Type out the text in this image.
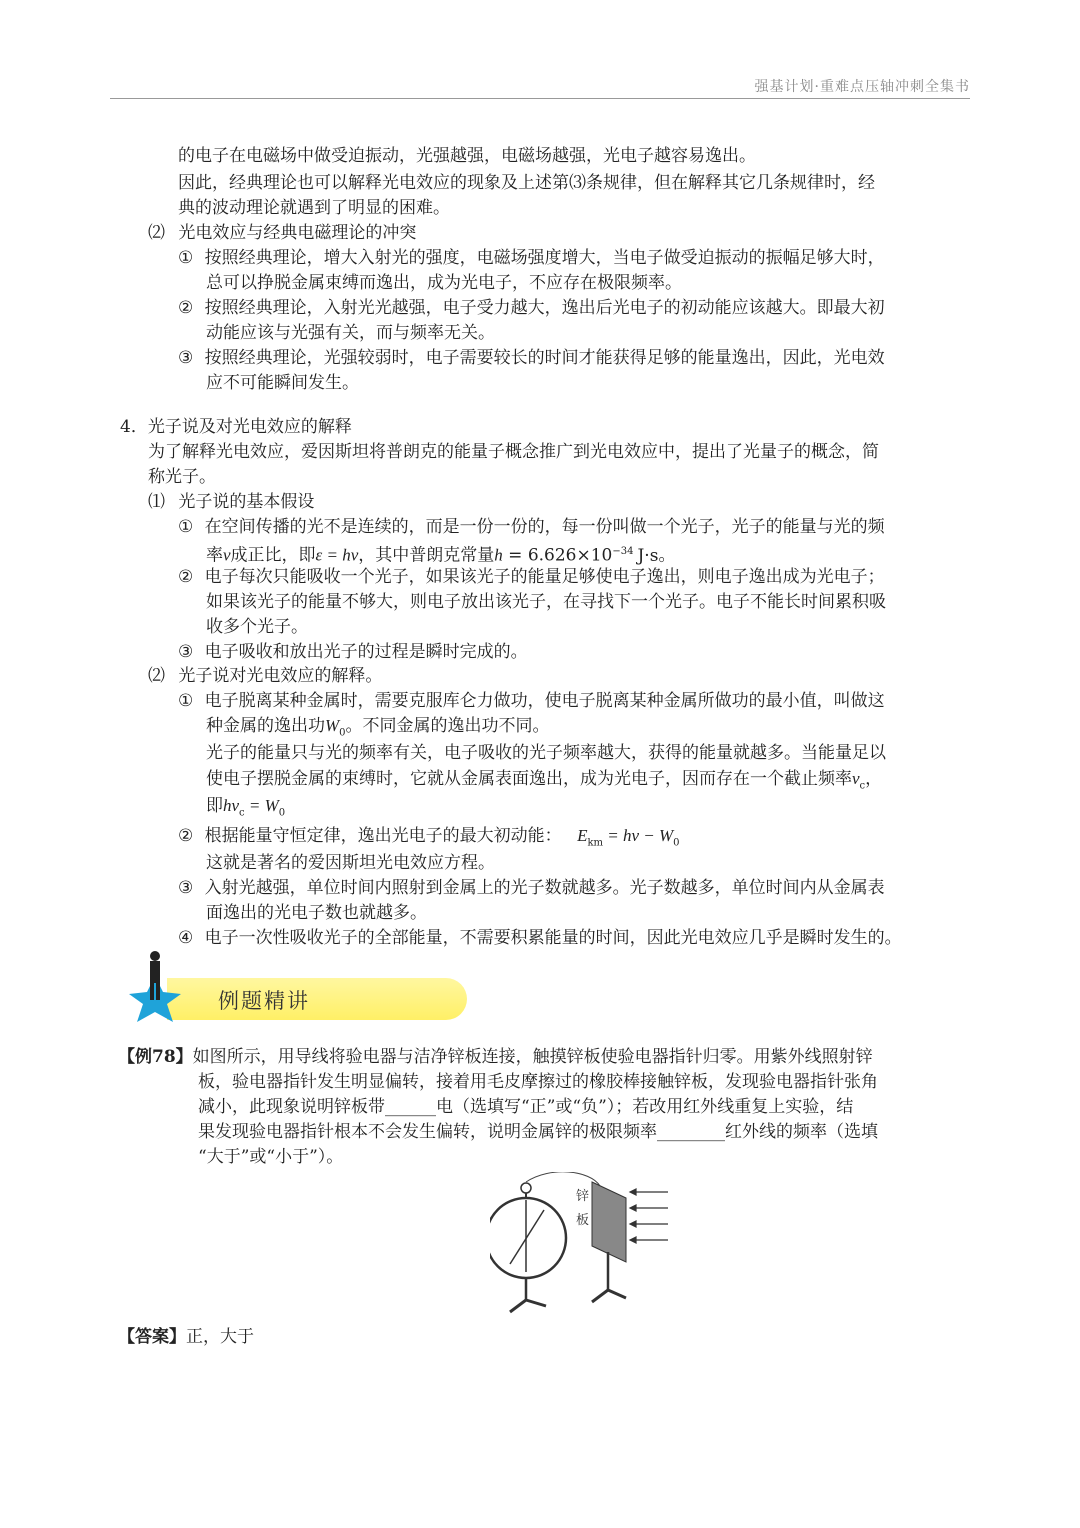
强基计划·重难点压轴冲刺全集书
的电子在电磁场中做受迫振动，光强越强，电磁场越强，光电子越容易逸出。
因此，经典理论也可以解释光电效应的现象及上述第⑶条规律，但在解释其它几条规律时，经
典的波动理论就遇到了明显的困难。
⑵ 光电效应与经典电磁理论的冲突
① 按照经典理论，增大入射光的强度，电磁场强度增大，当电子做受迫振动的振幅足够大时，
总可以挣脱金属束缚而逸出，成为光电子，不应存在极限频率。
② 按照经典理论，入射光光越强，电子受力越大，逸出后光电子的初动能应该越大。即最大初
动能应该与光强有关，而与频率无关。
③ 按照经典理论，光强较弱时，电子需要较长的时间才能获得足够的能量逸出，因此，光电效
应不可能瞬间发生。
4．光子说及对光电效应的解释
为了解释光电效应，爱因斯坦将普朗克的能量子概念推广到光电效应中，提出了光量子的概念，简
称光子。
⑴ 光子说的基本假设
① 在空间传播的光不是连续的，而是一份一份的，每一份叫做一个光子，光子的能量与光的频
率ν成正比，即ε = hν，其中普朗克常量$h = 6.626\times 10^{-34}$ J·s。
② 电子每次只能吸收一个光子，如果该光子的能量足够使电子逸出，则电子逸出成为光电子；
如果该光子的能量不够大，则电子放出该光子，在寻找下一个光子。电子不能长时间累积吸
收多个光子。
③ 电子吸收和放出光子的过程是瞬时完成的。
⑵ 光子说对光电效应的解释。
① 电子脱离某种金属时，需要克服库仑力做功，使电子脱离某种金属所做功的最小值，叫做这
种金属的逸出功$W_0$。不同金属的逸出功不同。
光子的能量只与光的频率有关，电子吸收的光子频率越大，获得的能量就越多。当能量足以
使电子摆脱金属的束缚时，它就从金属表面逸出，成为光电子，因而存在一个截止频率$\nu_c$，
即$h\nu_c = W_0$
② 根据能量守恒定律，逸出光电子的最大初动能： $E_{km} = h\nu - W_0$
这就是著名的爱因斯坦光电效应方程。
③ 入射光越强，单位时间内照射到金属上的光子数就越多。光子数越多，单位时间内从金属表
面逸出的光电子数也就越多。
④ 电子一次性吸收光子的全部能量，不需要积累能量的时间，因此光电效应几乎是瞬时发生的。
例题精讲
【例78】如图所示，用导线将验电器与洁净锌板连接，触摸锌板使验电器指针归零。用紫外线照射锌
板，验电器指针发生明显偏转，接着用毛皮摩擦过的橡胶棒接触锌板，发现验电器指针张角
减小，此现象说明锌板带______电（选填写“正”或“负”）；若改用红外线重复上实验，结
果发现验电器指针根本不会发生偏转，说明金属锌的极限频率________红外线的频率（选填
“大于”或“小于”）。
锌
板
【答案】正，大于
